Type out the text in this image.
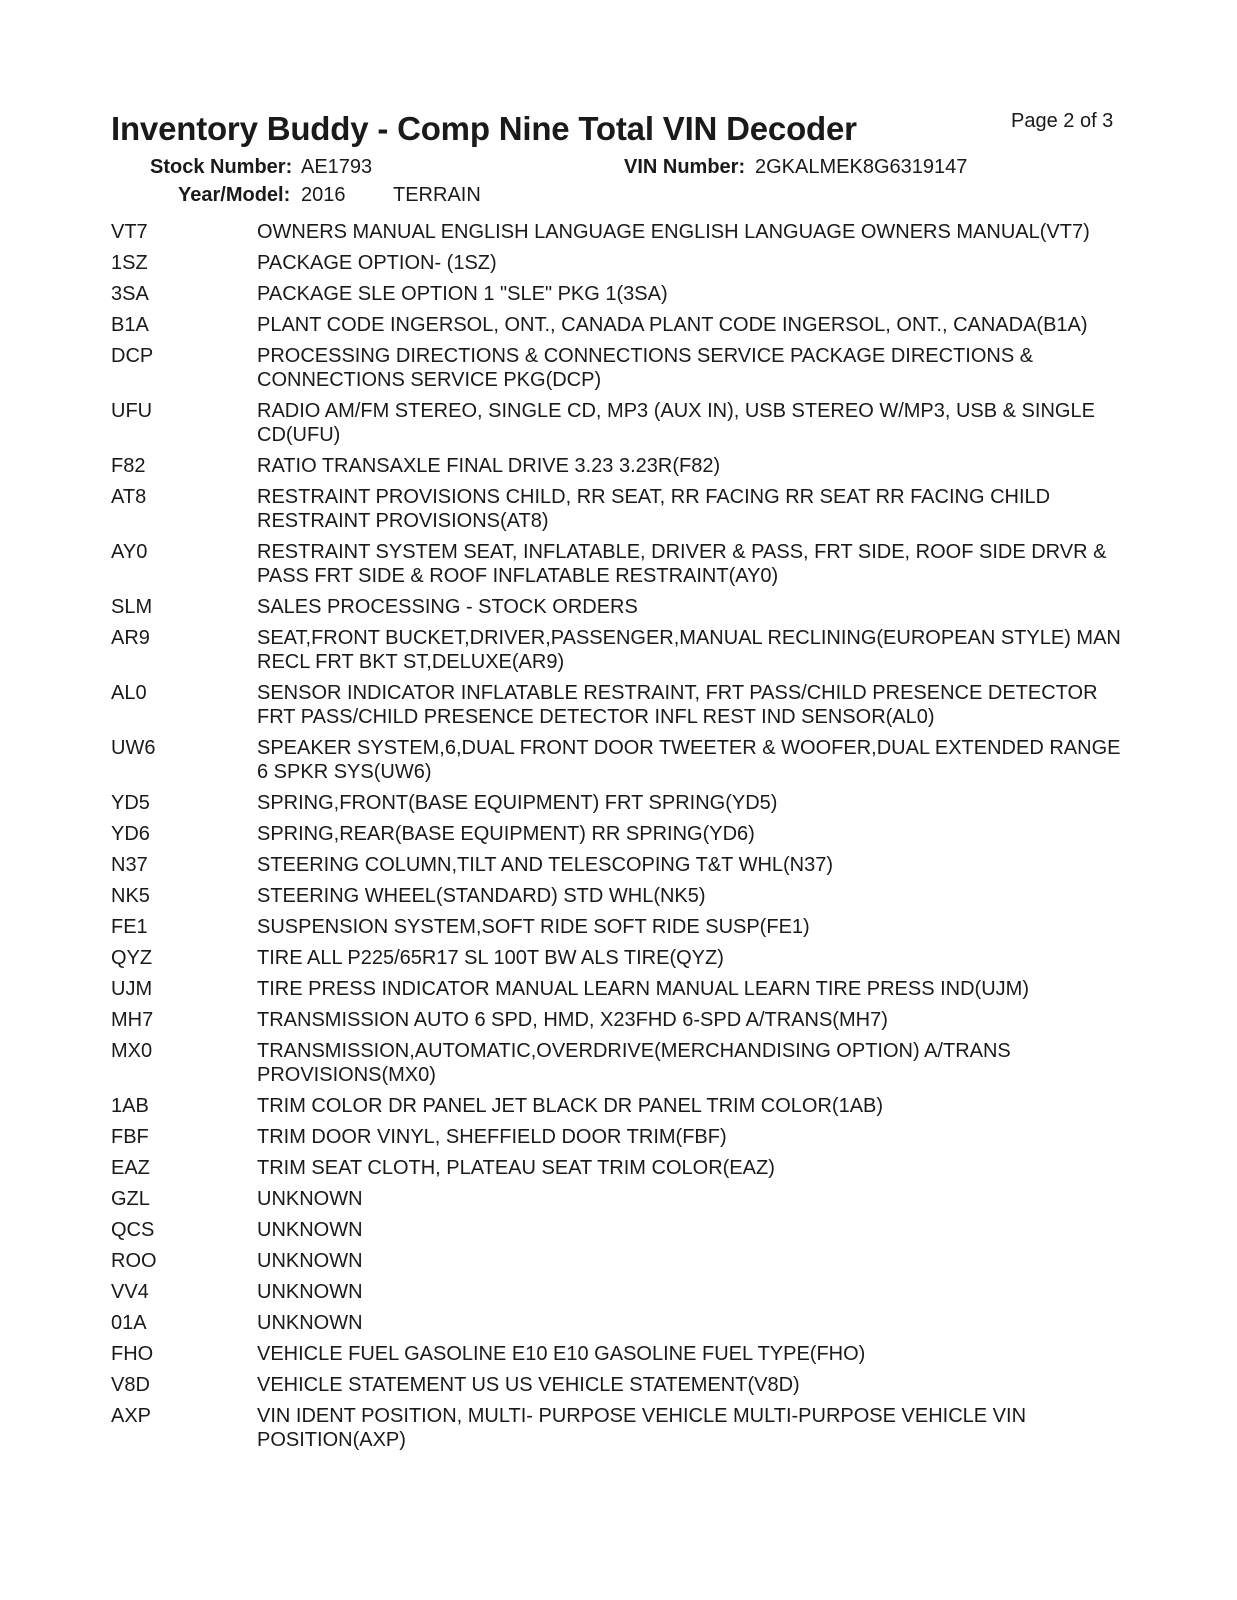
Inventory Buddy - Comp Nine Total VIN Decoder	Page 2 of 3
Stock Number: AE1793	VIN Number: 2GKALMEK8G6319147
Year/Model: 2016 TERRAIN
VT7	OWNERS MANUAL ENGLISH LANGUAGE ENGLISH LANGUAGE OWNERS MANUAL(VT7)
1SZ	PACKAGE OPTION- (1SZ)
3SA	PACKAGE SLE OPTION 1 "SLE" PKG 1(3SA)
B1A	PLANT CODE INGERSOL, ONT., CANADA PLANT CODE INGERSOL, ONT., CANADA(B1A)
DCP	PROCESSING DIRECTIONS & CONNECTIONS SERVICE PACKAGE DIRECTIONS & CONNECTIONS SERVICE PKG(DCP)
UFU	RADIO AM/FM STEREO, SINGLE CD, MP3 (AUX IN), USB STEREO W/MP3, USB & SINGLE CD(UFU)
F82	RATIO TRANSAXLE FINAL DRIVE 3.23 3.23R(F82)
AT8	RESTRAINT PROVISIONS CHILD, RR SEAT, RR FACING RR SEAT RR FACING CHILD RESTRAINT PROVISIONS(AT8)
AY0	RESTRAINT SYSTEM SEAT, INFLATABLE, DRIVER & PASS, FRT SIDE, ROOF SIDE DRVR & PASS FRT SIDE & ROOF INFLATABLE RESTRAINT(AY0)
SLM	SALES PROCESSING - STOCK ORDERS
AR9	SEAT,FRONT BUCKET,DRIVER,PASSENGER,MANUAL RECLINING(EUROPEAN STYLE) MAN RECL FRT BKT ST,DELUXE(AR9)
AL0	SENSOR INDICATOR INFLATABLE RESTRAINT, FRT PASS/CHILD PRESENCE DETECTOR FRT PASS/CHILD PRESENCE DETECTOR INFL REST IND SENSOR(AL0)
UW6	SPEAKER SYSTEM,6,DUAL FRONT DOOR TWEETER & WOOFER,DUAL EXTENDED RANGE 6 SPKR SYS(UW6)
YD5	SPRING,FRONT(BASE EQUIPMENT) FRT SPRING(YD5)
YD6	SPRING,REAR(BASE EQUIPMENT) RR SPRING(YD6)
N37	STEERING COLUMN,TILT AND TELESCOPING T&T WHL(N37)
NK5	STEERING WHEEL(STANDARD) STD WHL(NK5)
FE1	SUSPENSION SYSTEM,SOFT RIDE SOFT RIDE SUSP(FE1)
QYZ	TIRE ALL P225/65R17 SL 100T BW ALS TIRE(QYZ)
UJM	TIRE PRESS INDICATOR MANUAL LEARN MANUAL LEARN TIRE PRESS IND(UJM)
MH7	TRANSMISSION AUTO 6 SPD, HMD, X23FHD 6-SPD A/TRANS(MH7)
MX0	TRANSMISSION,AUTOMATIC,OVERDRIVE(MERCHANDISING OPTION) A/TRANS PROVISIONS(MX0)
1AB	TRIM COLOR DR PANEL JET BLACK DR PANEL TRIM COLOR(1AB)
FBF	TRIM DOOR VINYL, SHEFFIELD DOOR TRIM(FBF)
EAZ	TRIM SEAT CLOTH, PLATEAU SEAT TRIM COLOR(EAZ)
GZL	UNKNOWN
QCS	UNKNOWN
ROO	UNKNOWN
VV4	UNKNOWN
01A	UNKNOWN
FHO	VEHICLE FUEL GASOLINE E10 E10 GASOLINE FUEL TYPE(FHO)
V8D	VEHICLE STATEMENT US US VEHICLE STATEMENT(V8D)
AXP	VIN IDENT POSITION, MULTI- PURPOSE VEHICLE MULTI-PURPOSE VEHICLE VIN POSITION(AXP)
